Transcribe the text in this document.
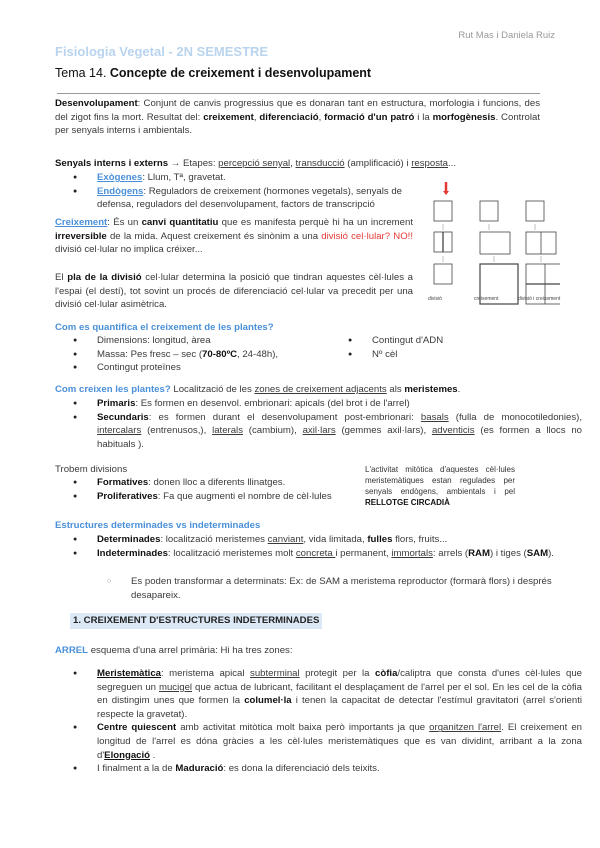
Rut Mas i Daniela Ruiz
Fisiologia Vegetal - 2N SEMESTRE
Tema 14. Concepte de creixement i desenvolupament
Desenvolupament: Conjunt de canvis progressius que es donaran tant en estructura, morfologia i funcions, des del zigot fins la mort. Resultat del: creixement, diferenciació, formació d'un patró i la morfogènesis. Controlat per senyals interns i ambientals.
Senyals interns i externs → Etapes: percepció senyal, transducció (amplificació) i resposta...
● Exògenes: Llum, Tª, gravetat.
● Endògens: Reguladors de creixement (hormones vegetals), senyals de defensa, reguladors del desenvolupament, factors de transcripció
Creixement: És un canvi quantitatiu que es manifesta perquè hi ha un increment irreversible de la mida. Aquest creixement és sinònim a una divisió cel·lular? NO!! divisió cel·lular no implica créixer...
El pla de la divisió cel·lular determina la posició que tindran aquestes cèl·lules a l'espai (el destí), tot sovint un procés de diferenciació cel·lular va precedit per una divisió cel·lular asimètrica.
divisió	creixement	divisió i creixement
Com es quantifica el creixement de les plantes?
● Dimensions: longitud, àrea
● Massa: Pes fresc – sec (70-80ºC, 24-48h),
● Contingut proteïnes
● Contingut d'ADN
● Nº cèl
Com creixen les plantes? Localització de les zones de creixement adjacents als meristemes.
● Primaris: Es formen en desenvol. embrionari: apicals (del brot i de l'arrel)
● Secundaris: es formen durant el desenvolupament post-embrionari: basals (fulla de monocotiledonies), intercalars (entrenusos,), laterals (cambium), axil·lars (gemmes axil·lars), adventicis (es formen a llocs no habituals ).
Trobem divisions
● Formatives: donen lloc a diferents llinatges.
● Proliferatives: Fa que augmenti el nombre de cèl·lules
L'activitat mitòtica d'aquestes cèl·lules meristemàtiques estan regulades per senyals endògens, ambientals i pel RELLOTGE CIRCADIÀ
Estructures determinades vs indeterminades
● Determinades: localització meristemes canviant, vida limitada, fulles flors, fruits...
● Indeterminades: localització meristemes molt concreta i permanent, immortals: arrels (RAM) i tiges (SAM).
○ Es poden transformar a determinats: Ex: de SAM a meristema reproductor (formarà flors) i després desapareix.
1. CREIXEMENT D'ESTRUCTURES INDETERMINADES
ARREL esquema d'una arrel primària: Hi ha tres zones:
● Meristemàtica: meristema apical subterminal protegit per la còfia/caliptra que consta d'unes cèl·lules que segreguen un mucigel que actua de lubricant, facilitant el desplaçament de l'arrel per el sol. En les cel de la còfia en distingim unes que formen la columel·la i tenen la capacitat de detectar l'estímul gravitatori (arrel s'orienti respecte la gravetat).
● Centre quiescent amb activitat mitòtica molt baixa però importants ja que organitzen l'arrel. El creixement en longitud de l'arrel es dóna gràcies a les cèl·lules meristemàtiques que es van dividint, arribant a la zona d'Elongació .
● I finalment a la de Maduració: es dona la diferenciació dels teixits.
